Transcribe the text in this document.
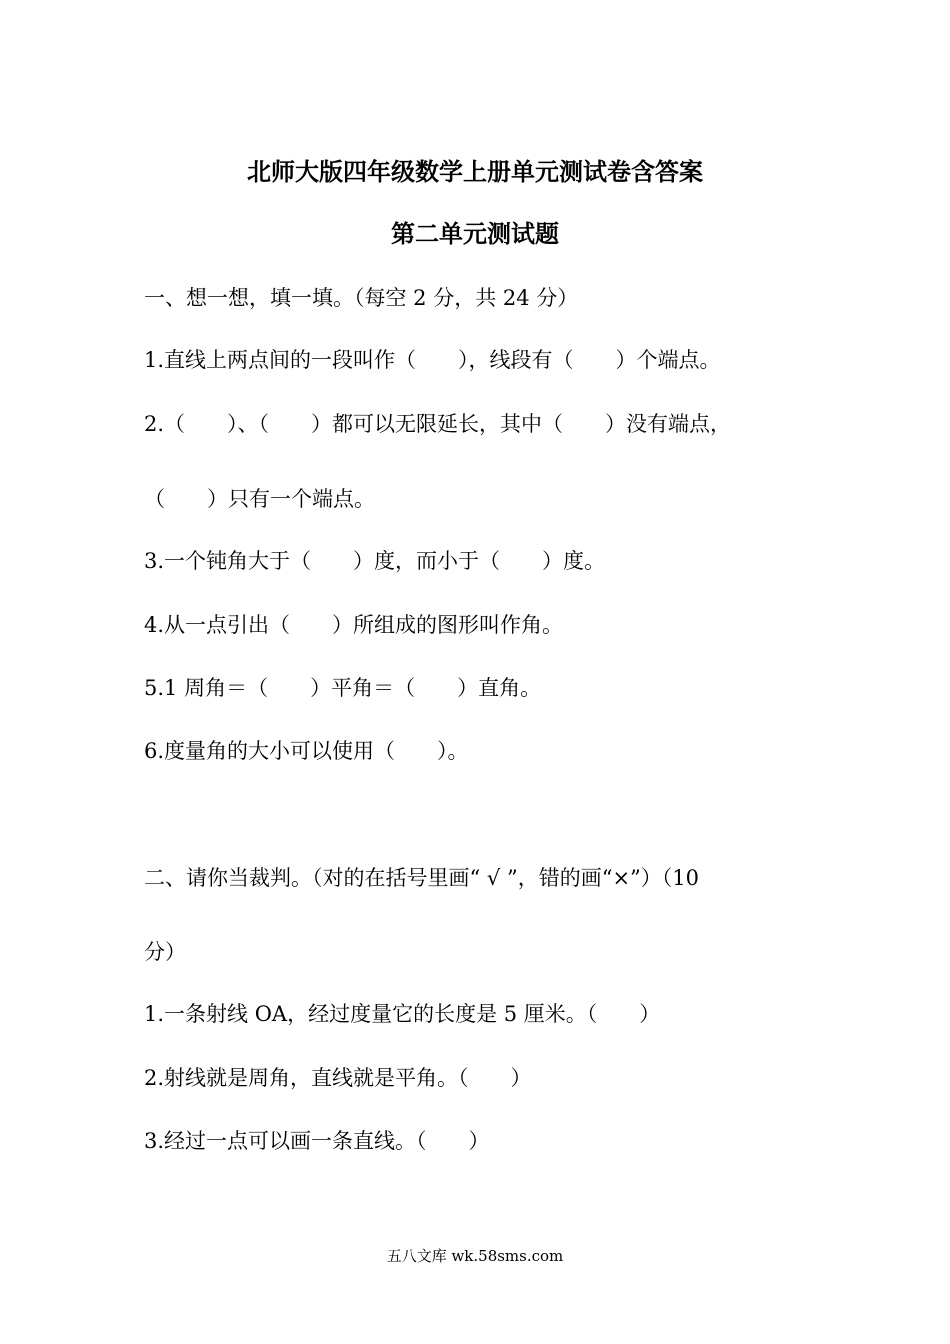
北师大版四年级数学上册单元测试卷含答案
第二单元测试题
一、想一想，填一填。（每空 2 分，共 24 分）
1.直线上两点间的一段叫作（　　），线段有（　　）个端点。
2.（　　）、（　　）都可以无限延长，其中（　　）没有端点，
（　　）只有一个端点。
3.一个钝角大于（　　）度，而小于（　　）度。
4.从一点引出（　　）所组成的图形叫作角。
5.1 周角＝（　　）平角＝（　　）直角。
6.度量角的大小可以使用（　　）。
二、请你当裁判。（对的在括号里画“ √ ”，错的画“×”）（10
分）
1.一条射线 OA，经过度量它的长度是 5 厘米。（　　）
2.射线就是周角，直线就是平角。（　　）
3.经过一点可以画一条直线。（　　）
五八文库 wk.58sms.com
